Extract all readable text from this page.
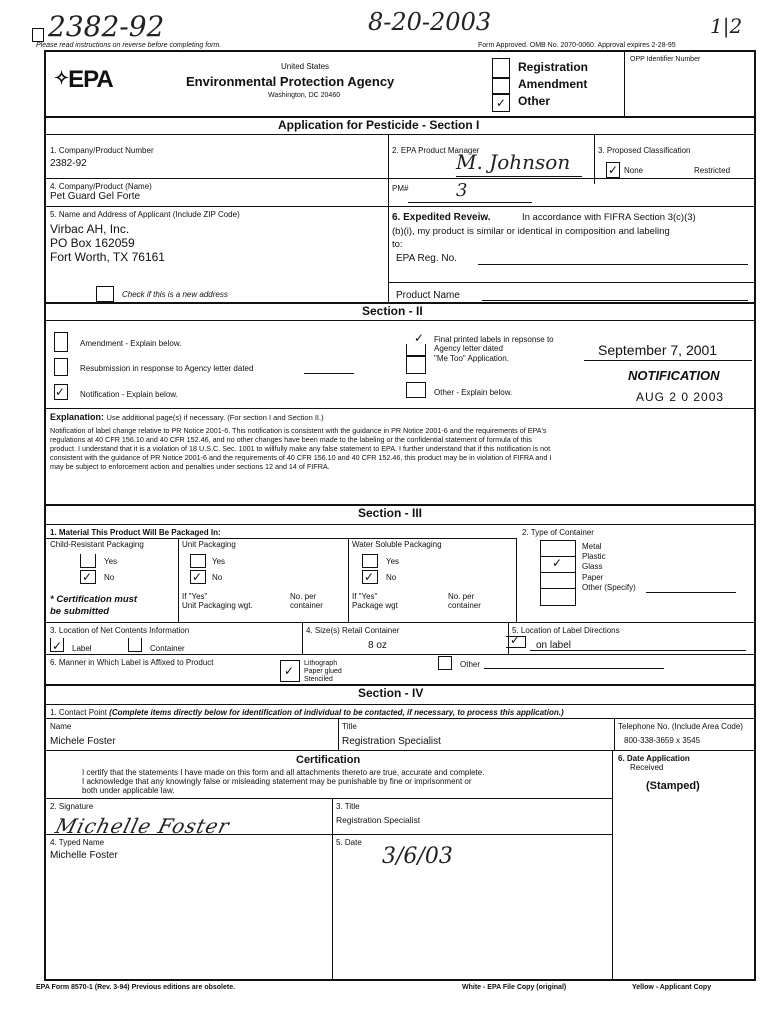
2382-92	8-20-2003	1|2
Please read instructions on reverse before completing form.	Form Approved. OMB No. 2070-0060. Approval expires 2-28-95
✧EPA	United States
Environmental Protection Agency
Washington, DC 20460
✓
Registration
Amendment
Other
OPP Identifier Number
Application for Pesticide - Section I
1. Company/Product Number
2382-92
2. EPA Product Manager
M. Johnson	3. Proposed Classification
✓ None	Restricted
4. Company/Product (Name)
Pet Guard Gel Forte
PM#	3
5. Name and Address of Applicant (Include ZIP Code)
Virbac AH, Inc.
PO Box 162059
Fort Worth, TX 76161
Check if this is a new address
6. Expedited Reveiw.	In accordance with FIFRA Section 3(c)(3)
(b)(i), my product is similar or identical in composition and labeling
to:
EPA Reg. No.
Product Name
Section - II
Amendment - Explain below.
Resubmission in response to Agency letter dated
✓ Notification - Explain below.
✓ Final printed labels in repsonse to
Agency letter dated
"Me Too" Application.
Other - Explain below.
September 7, 2001
NOTIFICATION
AUG 2 0 2003
Explanation: Use additional page(s) if necessary. (For section I and Section II.)
Notification of label change relative to PR Notice 2001-6. This notification is consistent with the guidance in PR Notice 2001-6 and the requirements of EPA's
regulations at 40 CFR 156.10 and 40 CFR 152.46, and no other changes have been made to the labeling or the confidential statement of formula of this
product. I understand that it is a violation of 18 U.S.C. Sec. 1001 to willfully make any false statement to EPA. I further understand that if this notification is not
consistent with the guidance of PR Notice 2001-6 and the requirements of 40 CFR 156.10 and 40 CFR 152.46, this product may be in violation of FIFRA and I
may be subject to enforcement action and penalties under sections 12 and 14 of FIFRA.
Section - III
1. Material This Product Will Be Packaged In:
Child-Resistant Packaging
Yes
✓ No
* Certification must
be submitted
Unit Packaging
Yes
✓ No
If "Yes"
Unit Packaging wgt.
No. per
container
Water Soluble Packaging
Yes
✓ No
If "Yes"
Package wgt
No. per
container
2. Type of Container
✓
Metal
Plastic
Glass
Paper
Other (Specify)
3. Location of Net Contents Information
✓ Label	Container
4. Size(s) Retail Container
8 oz
5. Location of Label Directions
✓ on label
6. Manner in Which Label is Affixed to Product
✓
Lithograph
Paper glued
Stenciled
Other
Section - IV
1. Contact Point (Complete items directly below for identification of individual to be contacted, if necessary, to process this application.)
Name
Michele Foster
Title
Registration Specialist
Telephone No. (Include Area Code)
800-338-3659 x 3545
Certification
I certify that the statements I have made on this form and all attachments thereto are true, accurate and complete.
I acknowledge that any knowingly false or misleading statement may be punishable by fine or imprisonment or
both under applicable law.
6. Date Application
Received
(Stamped)
2. Signature
Michelle Foster
3. Title
Registration Specialist
4. Typed Name
Michelle Foster
5. Date
3/6/03
EPA Form 8570-1 (Rev. 3-94) Previous editions are obsolete.	White - EPA File Copy (original)	Yellow - Applicant Copy
